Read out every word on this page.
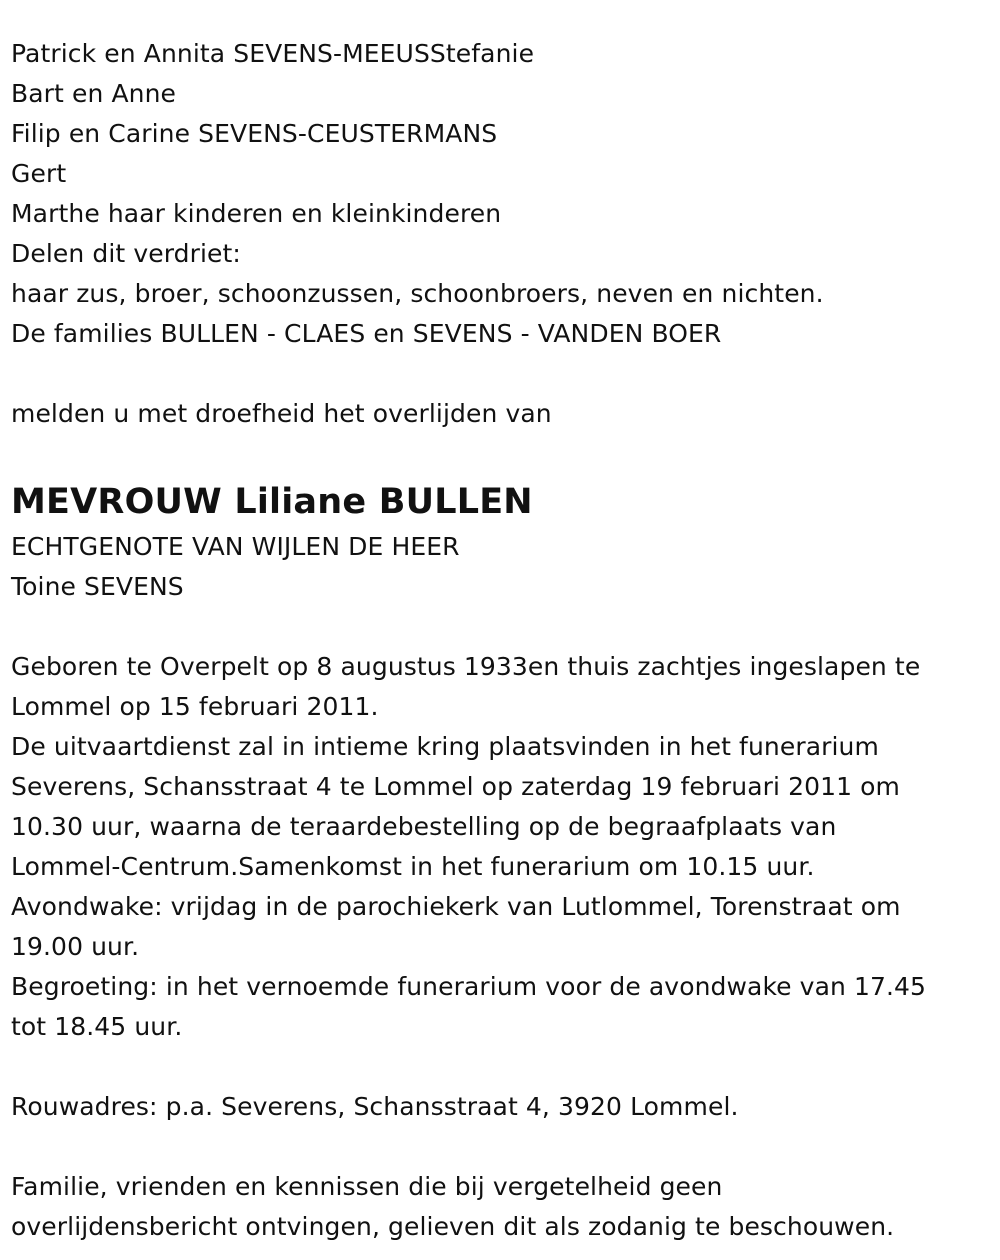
Patrick en Annita SEVENS-MEEUSStefanie
Bart en Anne
Filip en Carine SEVENS-CEUSTERMANS
Gert
Marthe haar kinderen en kleinkinderen
Delen dit verdriet:
haar zus, broer, schoonzussen, schoonbroers, neven en nichten.
De families BULLEN - CLAES en SEVENS - VANDEN BOER
melden u met droefheid het overlijden van
MEVROUW Liliane BULLEN
ECHTGENOTE VAN WIJLEN DE HEER
Toine SEVENS
Geboren te Overpelt op 8 augustus 1933en thuis zachtjes ingeslapen te
Lommel op 15 februari 2011.
De uitvaartdienst zal in intieme kring plaatsvinden in het funerarium
Severens, Schansstraat 4 te Lommel op zaterdag 19 februari 2011 om
10.30 uur, waarna de teraardebestelling op de begraafplaats van
Lommel-Centrum.Samenkomst in het funerarium om 10.15 uur.
Avondwake: vrijdag in de parochiekerk van Lutlommel, Torenstraat om
19.00 uur.
Begroeting: in het vernoemde funerarium voor de avondwake van 17.45
tot 18.45 uur.
Rouwadres: p.a. Severens, Schansstraat 4, 3920 Lommel.
Familie, vrienden en kennissen die bij vergetelheid geen
overlijdensbericht ontvingen, gelieven dit als zodanig te beschouwen.
